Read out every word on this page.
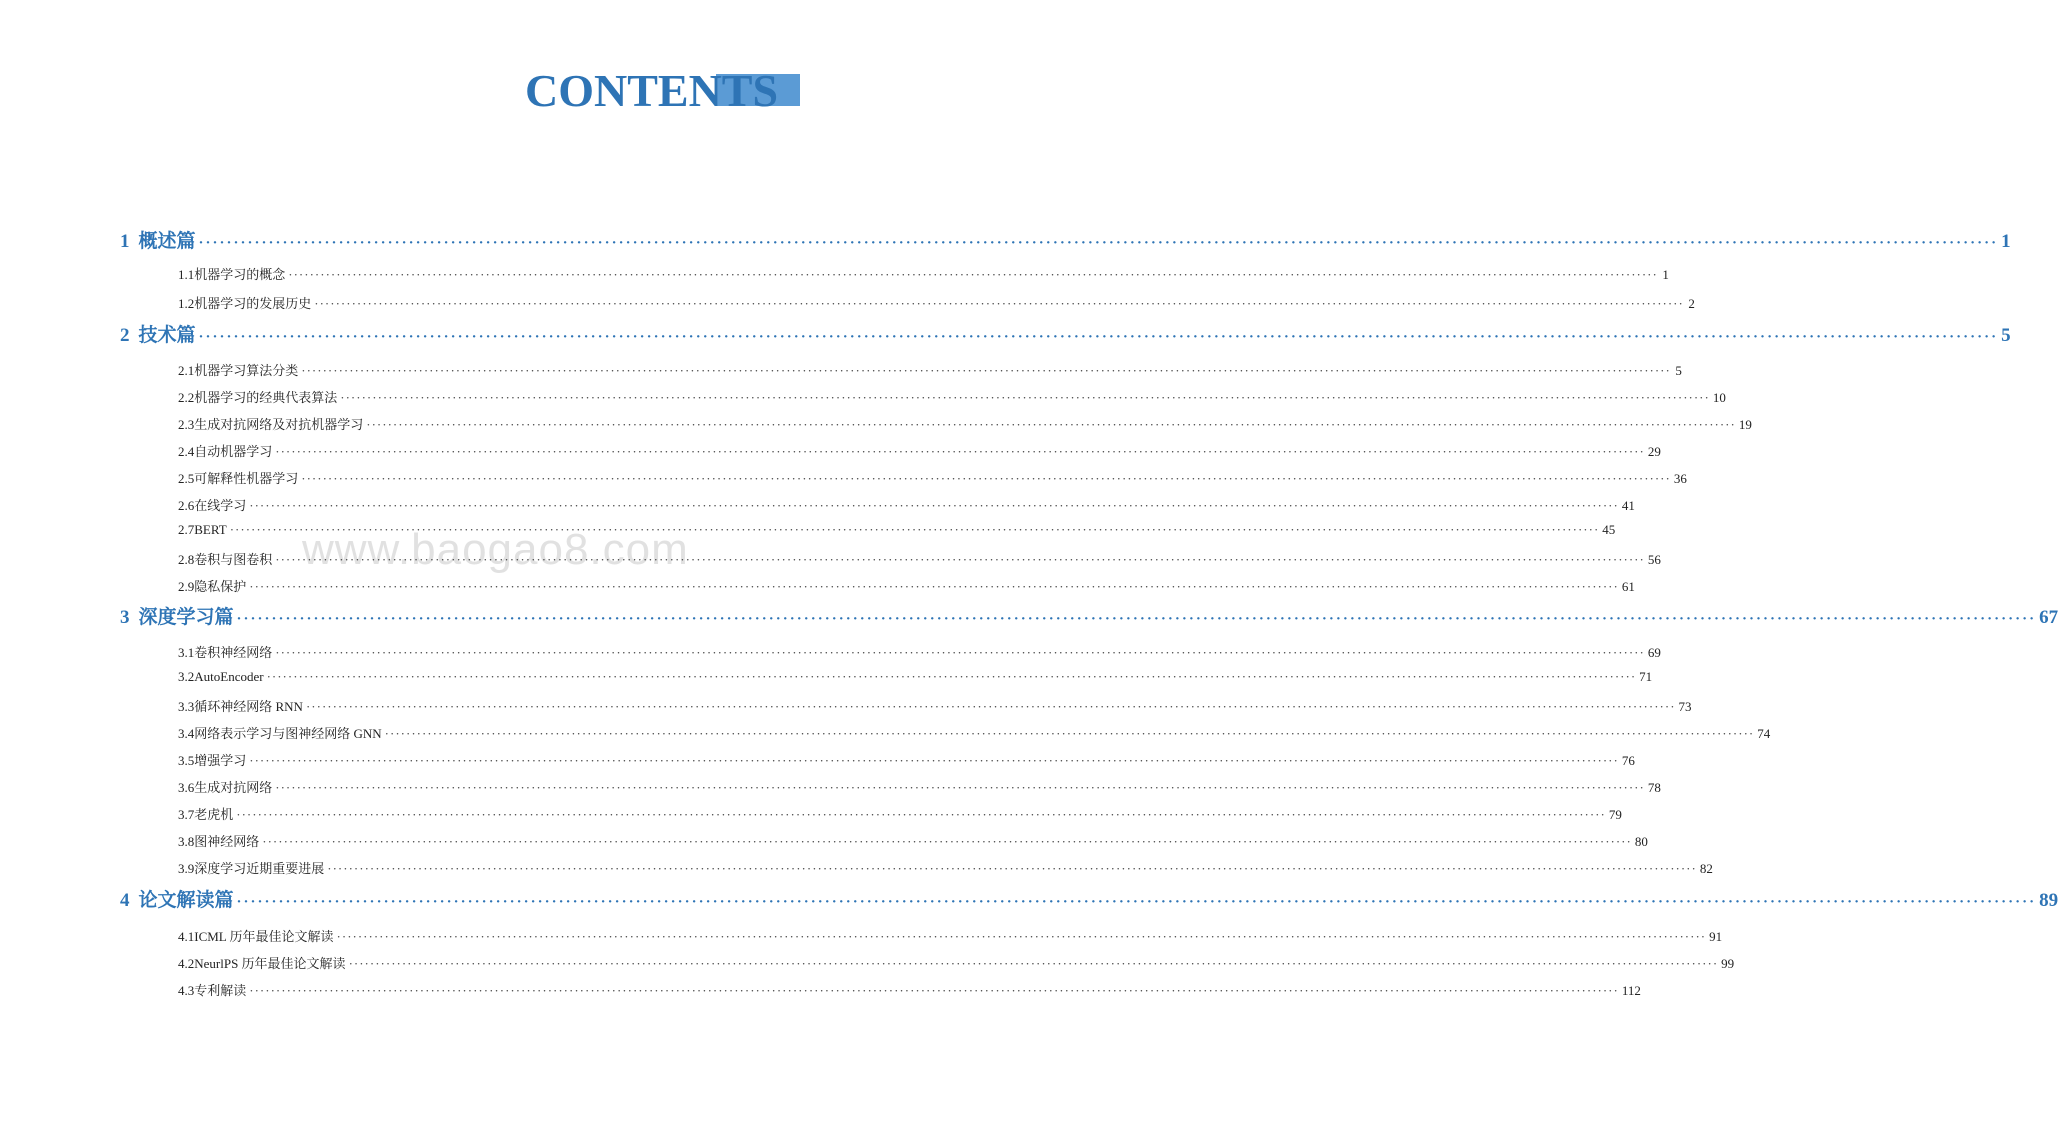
CONTENTS
www.baogao8.com
1 概述篇 ·····	1
1.1 机器学习的概念 ·····	1
1.2 机器学习的发展历史 ·····	2
2 技术篇 ·····	5
2.1 机器学习算法分类 ·····	5
2.2 机器学习的经典代表算法 ·····	10
2.3 生成对抗网络及对抗机器学习 ·····	19
2.4 自动机器学习 ·····	29
2.5 可解释性机器学习 ·····	36
2.6 在线学习 ·····	41
2.7 BERT ·····	45
2.8 卷积与图卷积 ·····	56
2.9 隐私保护 ·····	61
3 深度学习篇 ·····	67
3.1 卷积神经网络 ·····	69
3.2 AutoEncoder ·····	71
3.3 循环神经网络 RNN ·····	73
3.4 网络表示学习与图神经网络 GNN ·····	74
3.5 增强学习 ·····	76
3.6 生成对抗网络 ·····	78
3.7 老虎机 ·····	79
3.8 图神经网络 ·····	80
3.9 深度学习近期重要进展 ·····	82
4 论文解读篇 ·····	89
4.1 ICML 历年最佳论文解读 ·····	91
4.2 NeurlPS 历年最佳论文解读 ·····	99
4.3 专利解读 ·····	112
